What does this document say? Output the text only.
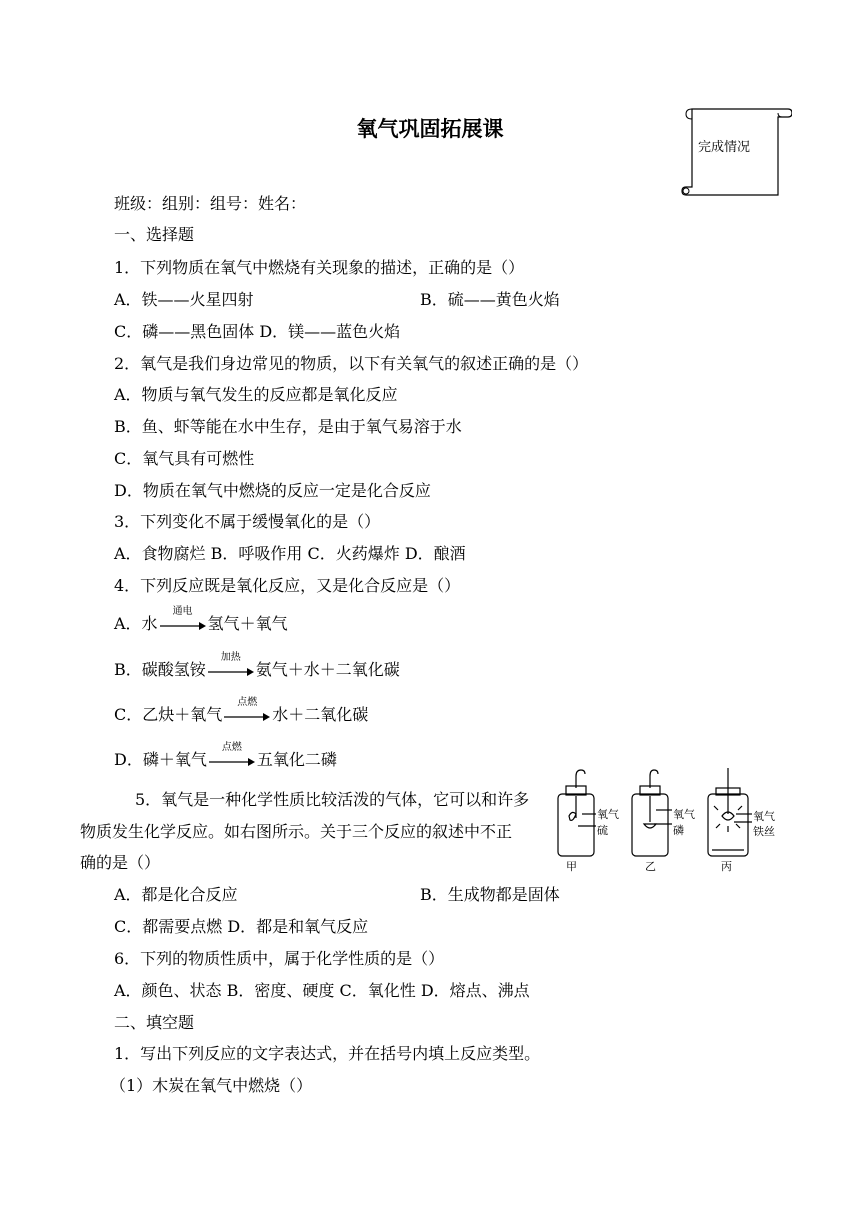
氧气巩固拓展课
完成情况
班级：组别：组号：姓名：
一、选择题
1．下列物质在氧气中燃烧有关现象的描述，正确的是（）
A．铁——火星四射	B．硫——黄色火焰
C．磷——黑色固体 D．镁——蓝色火焰
2．氧气是我们身边常见的物质，以下有关氧气的叙述正确的是（）
A．物质与氧气发生的反应都是氧化反应
B．鱼、虾等能在水中生存，是由于氧气易溶于水
C．氧气具有可燃性
D．物质在氧气中燃烧的反应一定是化合反应
3．下列变化不属于缓慢氧化的是（）
A．食物腐烂 B．呼吸作用 C．火药爆炸 D．酿酒
4．下列反应既是氧化反应，又是化合反应是（）
A．水
通电
氢气＋氧气
B．碳酸氢铵
加热
氨气＋水＋二氧化碳
C．乙炔＋氧气
点燃
水＋二氧化碳
D．磷＋氧气
点燃
五氧化二磷
5．氧气是一种化学性质比较活泼的气体，它可以和许多
物质发生化学反应。如右图所示。关于三个反应的叙述中不正
确的是（）
氧气
硫
氧气
磷
氧气
铁丝
甲	乙	丙
A．都是化合反应	B．生成物都是固体
C．都需要点燃 D．都是和氧气反应
6．下列的物质性质中，属于化学性质的是（）
A．颜色、状态 B．密度、硬度 C．氧化性 D．熔点、沸点
二、填空题
1．写出下列反应的文字表达式，并在括号内填上反应类型。
（1）木炭在氧气中燃烧（）
